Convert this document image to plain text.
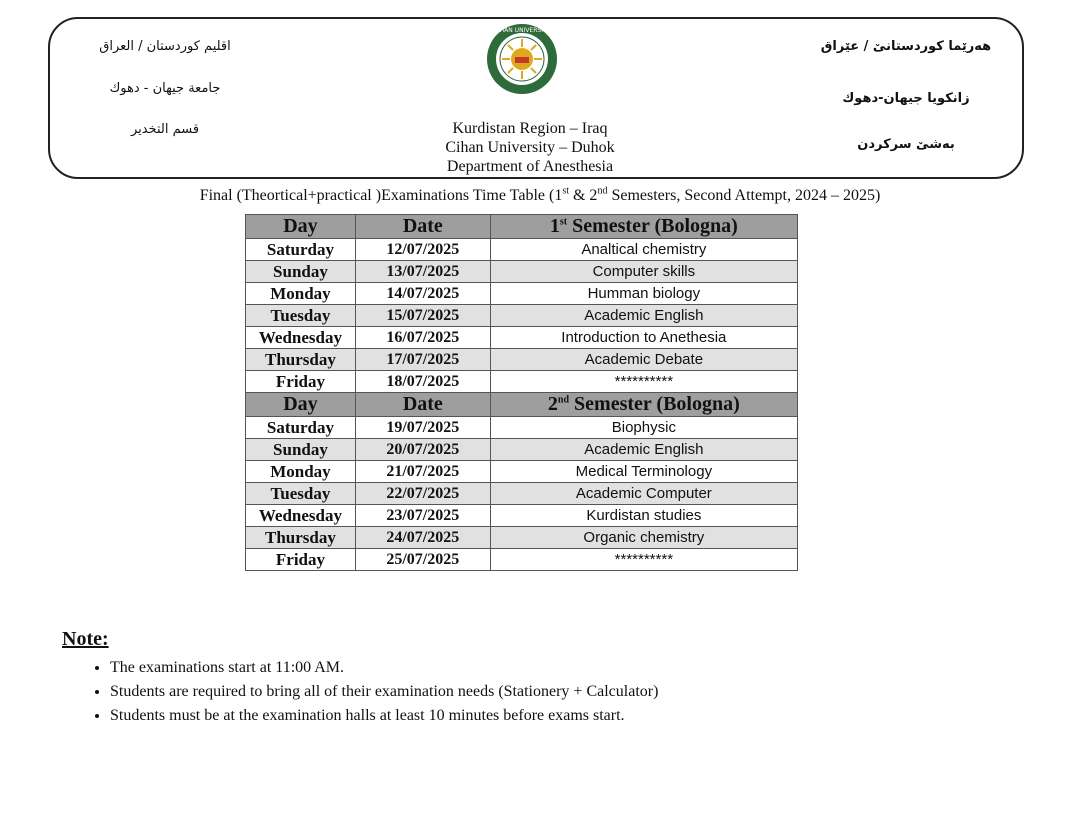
اقليم كوردستان / العراق
جامعة جيهان - دهوك
قسم التخدير
CIHAN UNIVERSITY
Kurdistan Region – Iraq
Cihan University – Duhok
Department of Anesthesia
هەرێما كوردستانێ / عێراق
زانكويا جيهان-دهوك
بەشێ سركردن
Final (Theortical+practical )Examinations Time Table (1st & 2nd Semesters, Second Attempt, 2024 – 2025)
Day	Date	1st Semester (Bologna)
Saturday	12/07/2025	Analtical chemistry
Sunday	13/07/2025	Computer skills
Monday	14/07/2025	Humman biology
Tuesday	15/07/2025	Academic English
Wednesday	16/07/2025	Introduction to Anethesia
Thursday	17/07/2025	Academic Debate
Friday	18/07/2025	**********
Day	Date	2nd Semester (Bologna)
Saturday	19/07/2025	Biophysic
Sunday	20/07/2025	Academic English
Monday	21/07/2025	Medical Terminology
Tuesday	22/07/2025	Academic Computer
Wednesday	23/07/2025	Kurdistan studies
Thursday	24/07/2025	Organic chemistry
Friday	25/07/2025	**********
Note:
• The examinations start at 11:00 AM.
• Students are required to bring all of their examination needs (Stationery + Calculator)
• Students must be at the examination halls at least 10 minutes before exams start.
